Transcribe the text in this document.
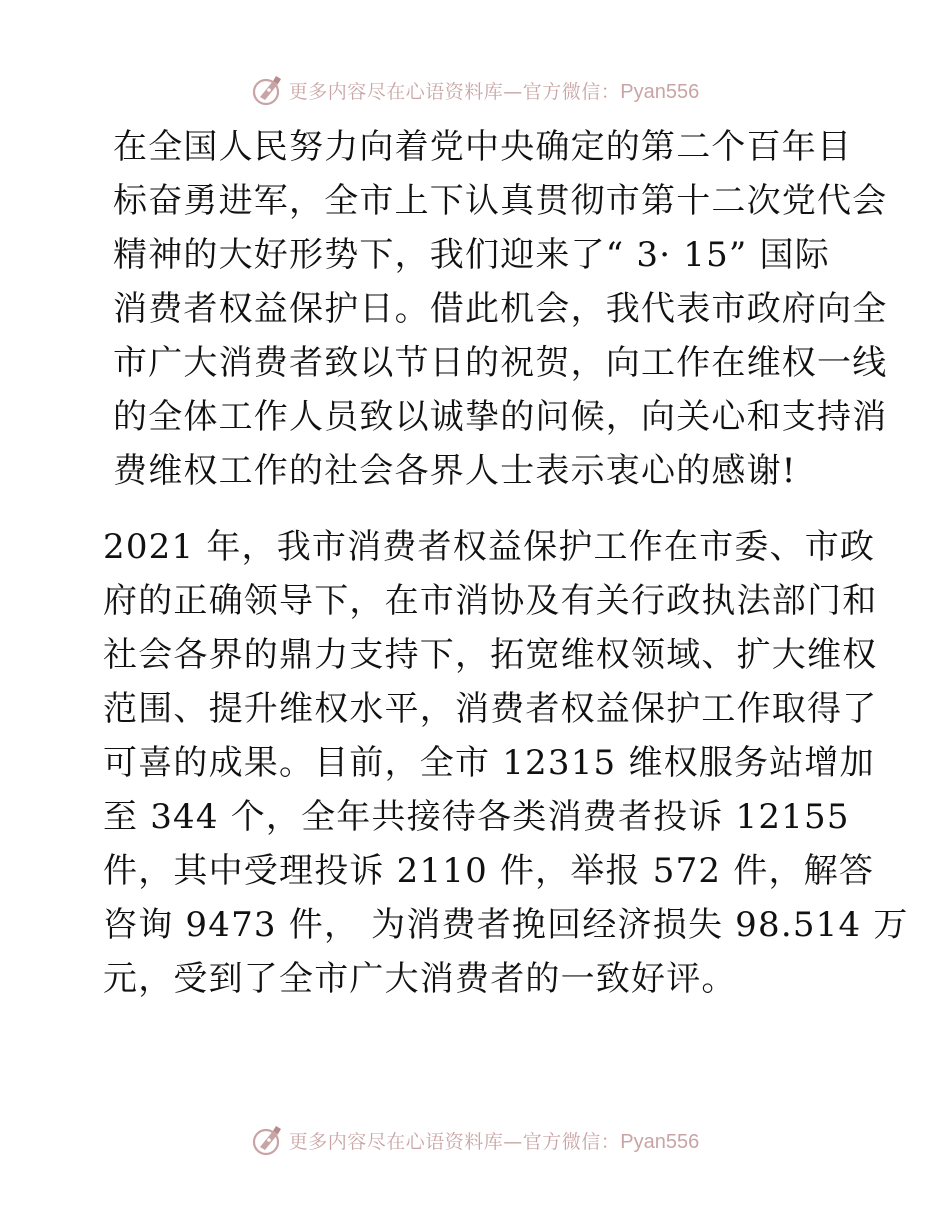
更多内容尽在心语资料库—官方微信：Pyan556

在全国人民努力向着党中央确定的第二个百年目
标奋勇进军，全市上下认真贯彻市第十二次党代会
精神的大好形势下，我们迎来了“ 3· 15” 国际
消费者权益保护日。借此机会，我代表市政府向全
市广大消费者致以节日的祝贺，向工作在维权一线
的全体工作人员致以诚挚的问候，向关心和支持消
费维权工作的社会各界人士表示衷心的感谢!

2021 年，我市消费者权益保护工作在市委、市政
府的正确领导下，在市消协及有关行政执法部门和
社会各界的鼎力支持下，拓宽维权领域、扩大维权
范围、提升维权水平，消费者权益保护工作取得了
可喜的成果。目前，全市 12315 维权服务站增加
至 344 个，全年共接待各类消费者投诉 12155
件，其中受理投诉 2110 件，举报 572 件，解答
咨询 9473 件， 为消费者挽回经济损失 98.514 万
元，受到了全市广大消费者的一致好评。

更多内容尽在心语资料库—官方微信：Pyan556
